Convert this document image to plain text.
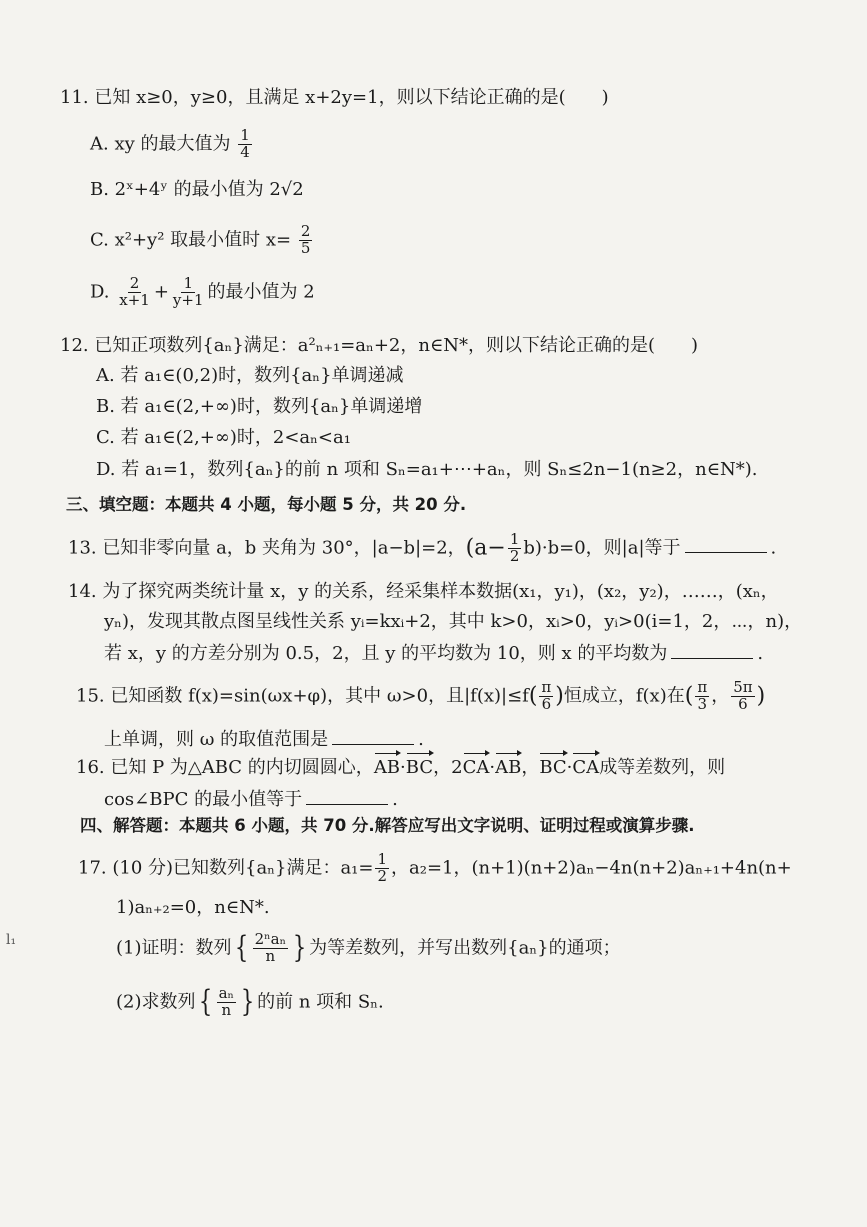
11. 已知 x≥0，y≥0，且满足 x+2y=1，则以下结论正确的是(　　)
A. xy 的最大值为 $\frac{1}{4}$
B. 2ˣ+4ʸ 的最小值为 2√2
C. x²+y² 取最小值时 $x= \frac{2}{5}$
D. $\frac{2}{x+1} + \frac{1}{y+1}$ 的最小值为 2
12. 已知正项数列{aₙ}满足：a²ₙ₊₁=aₙ+2，n∈N*，则以下结论正确的是(　　)
A. 若 a₁∈(0,2)时，数列{aₙ}单调递减
B. 若 a₁∈(2,+∞)时，数列{aₙ}单调递增
C. 若 a₁∈(2,+∞)时，2<aₙ<a₁
D. 若 a₁=1，数列{aₙ}的前 n 项和 Sₙ=a₁+⋯+aₙ，则 Sₙ≤2n−1(n≥2，n∈N*).
三、填空题：本题共 4 小题，每小题 5 分，共 20 分.
13. 已知非零向量 a，b 夹角为 30°，|a−b|=2，$(a- \frac{1}{2} b)\cdot b=0$，则|a|等于	.
14. 为了探究两类统计量 x，y 的关系，经采集样本数据(x₁，y₁)，(x₂，y₂)，……，(xₙ，
yₙ)，发现其散点图呈线性关系 yᵢ=kxᵢ+2，其中 k>0，xᵢ>0，yᵢ>0(i=1，2，⋯，n)，
若 x，y 的方差分别为 0.5，2，且 y 的平均数为 10，则 x 的平均数为	.
15. 已知函数 f(x)=sin(ωx+φ)，其中 ω>0，且$|f(x)|\le f( \frac{\pi}{6}$ )恒成立，f(x)在( $\frac{\pi}{3}$ ， $\frac{5\pi}{6}$ )
上单调，则 ω 的取值范围是	.
16. 已知 P 为△ABC 的内切圆圆心，AB·BC，2CA·AB，BC·CA成等差数列，则
cos∠BPC 的最小值等于	.
四、解答题：本题共 6 小题，共 70 分.解答应写出文字说明、证明过程或演算步骤.
17. (10 分)已知数列{aₙ}满足：$a_1= \frac{1}{2}$ ，a₂=1，(n+1)(n+2)aₙ−4n(n+2)aₙ₊₁+4n(n+
1)aₙ₊₂=0，n∈N*.
(1)证明：数列 { $\frac{\text{2ⁿaₙ}}{n}$ } 为等差数列，并写出数列{aₙ}的通项；
(2)求数列 { $\frac{\text{aₙ}}{n}$ } 的前 n 项和 Sₙ.
l₁
